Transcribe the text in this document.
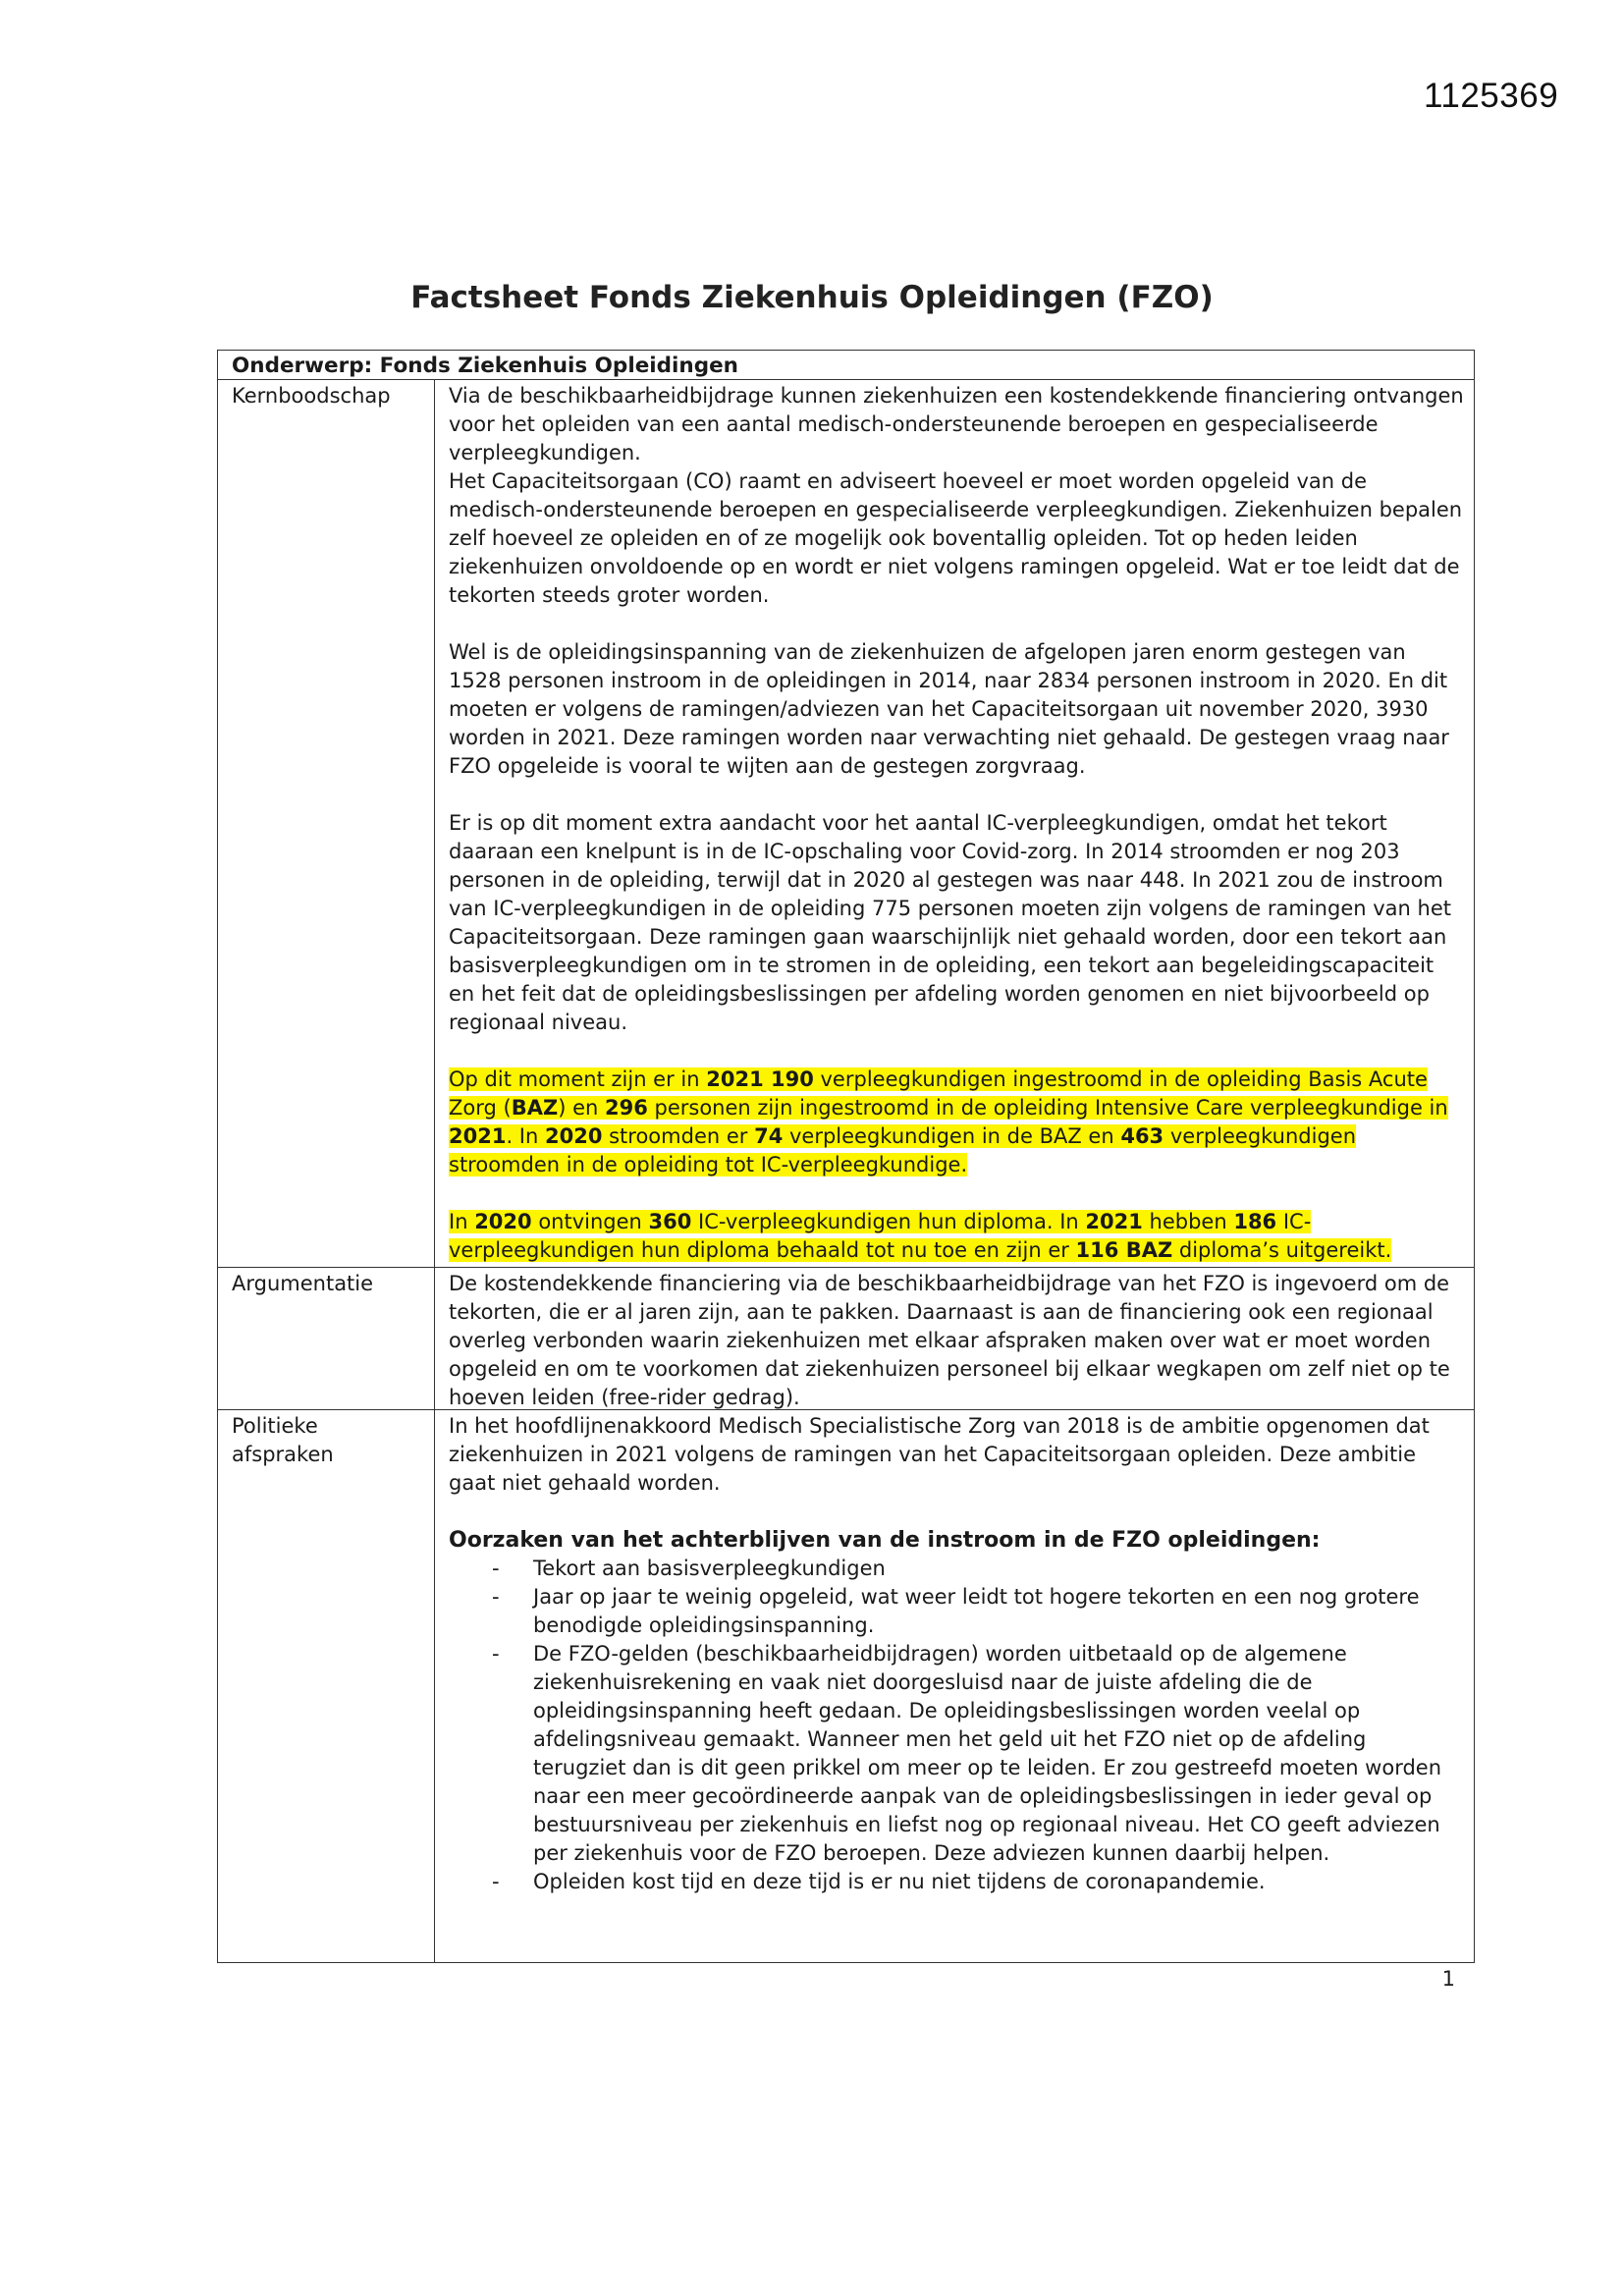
1125369
Factsheet Fonds Ziekenhuis Opleidingen (FZO)
Onderwerp: Fonds Ziekenhuis Opleidingen
Kernboodschap	Via de beschikbaarheidbijdrage kunnen ziekenhuizen een kostendekkende financiering ontvangen voor het opleiden van een aantal medisch-ondersteunende beroepen en gespecialiseerde verpleegkundigen.

Het Capaciteitsorgaan (CO) raamt en adviseert hoeveel er moet worden opgeleid van de medisch-ondersteunende beroepen en gespecialiseerde verpleegkundigen. Ziekenhuizen bepalen zelf hoeveel ze opleiden en of ze mogelijk ook boventallig opleiden. Tot op heden leiden ziekenhuizen onvoldoende op en wordt er niet volgens ramingen opgeleid. Wat er toe leidt dat de tekorten steeds groter worden.

Wel is de opleidingsinspanning van de ziekenhuizen de afgelopen jaren enorm gestegen van 1528 personen instroom in de opleidingen in 2014, naar 2834 personen instroom in 2020. En dit moeten er volgens de ramingen/adviezen van het Capaciteitsorgaan uit november 2020, 3930 worden in 2021. Deze ramingen worden naar verwachting niet gehaald. De gestegen vraag naar FZO opgeleide is vooral te wijten aan de gestegen zorgvraag.

Er is op dit moment extra aandacht voor het aantal IC-verpleegkundigen, omdat het tekort daaraan een knelpunt is in de IC-opschaling voor Covid-zorg. In 2014 stroomden er nog 203 personen in de opleiding, terwijl dat in 2020 al gestegen was naar 448. In 2021 zou de instroom van IC-verpleegkundigen in de opleiding 775 personen moeten zijn volgens de ramingen van het Capaciteitsorgaan. Deze ramingen gaan waarschijnlijk niet gehaald worden, door een tekort aan basisverpleegkundigen om in te stromen in de opleiding, een tekort aan begeleidingscapaciteit en het feit dat de opleidingsbeslissingen per afdeling worden genomen en niet bijvoorbeeld op regionaal niveau.

Op dit moment zijn er in 2021 190 verpleegkundigen ingestroomd in de opleiding Basis Acute Zorg (BAZ) en 296 personen zijn ingestroomd in de opleiding Intensive Care verpleegkundige in 2021. In 2020 stroomden er 74 verpleegkundigen in de BAZ en 463 verpleegkundigen stroomden in de opleiding tot IC-verpleegkundige.

In 2020 ontvingen 360 IC-verpleegkundigen hun diploma. In 2021 hebben 186 IC-verpleegkundigen hun diploma behaald tot nu toe en zijn er 116 BAZ diploma’s uitgereikt.

Argumentatie	De kostendekkende financiering via de beschikbaarheidbijdrage van het FZO is ingevoerd om de tekorten, die er al jaren zijn, aan te pakken. Daarnaast is aan de financiering ook een regionaal overleg verbonden waarin ziekenhuizen met elkaar afspraken maken over wat er moet worden opgeleid en om te voorkomen dat ziekenhuizen personeel bij elkaar wegkapen om zelf niet op te hoeven leiden (free-rider gedrag).

Politieke
afspraken

In het hoofdlijnenakkoord Medisch Specialistische Zorg van 2018 is de ambitie opgenomen dat ziekenhuizen in 2021 volgens de ramingen van het Capaciteitsorgaan opleiden. Deze ambitie gaat niet gehaald worden.

Oorzaken van het achterblijven van de instroom in de FZO opleidingen:

- Tekort aan basisverpleegkundigen
- Jaar op jaar te weinig opgeleid, wat weer leidt tot hogere tekorten en een nog grotere benodigde opleidingsinspanning.
- De FZO-gelden (beschikbaarheidbijdragen) worden uitbetaald op de algemene ziekenhuisrekening en vaak niet doorgesluisd naar de juiste afdeling die de opleidingsinspanning heeft gedaan. De opleidingsbeslissingen worden veelal op afdelingsniveau gemaakt. Wanneer men het geld uit het FZO niet op de afdeling terugziet dan is dit geen prikkel om meer op te leiden. Er zou gestreefd moeten worden naar een meer gecoördineerde aanpak van de opleidingsbeslissingen in ieder geval op bestuursniveau per ziekenhuis en liefst nog op regionaal niveau. Het CO geeft adviezen per ziekenhuis voor de FZO beroepen. Deze adviezen kunnen daarbij helpen.
- Opleiden kost tijd en deze tijd is er nu niet tijdens de coronapandemie.
1
